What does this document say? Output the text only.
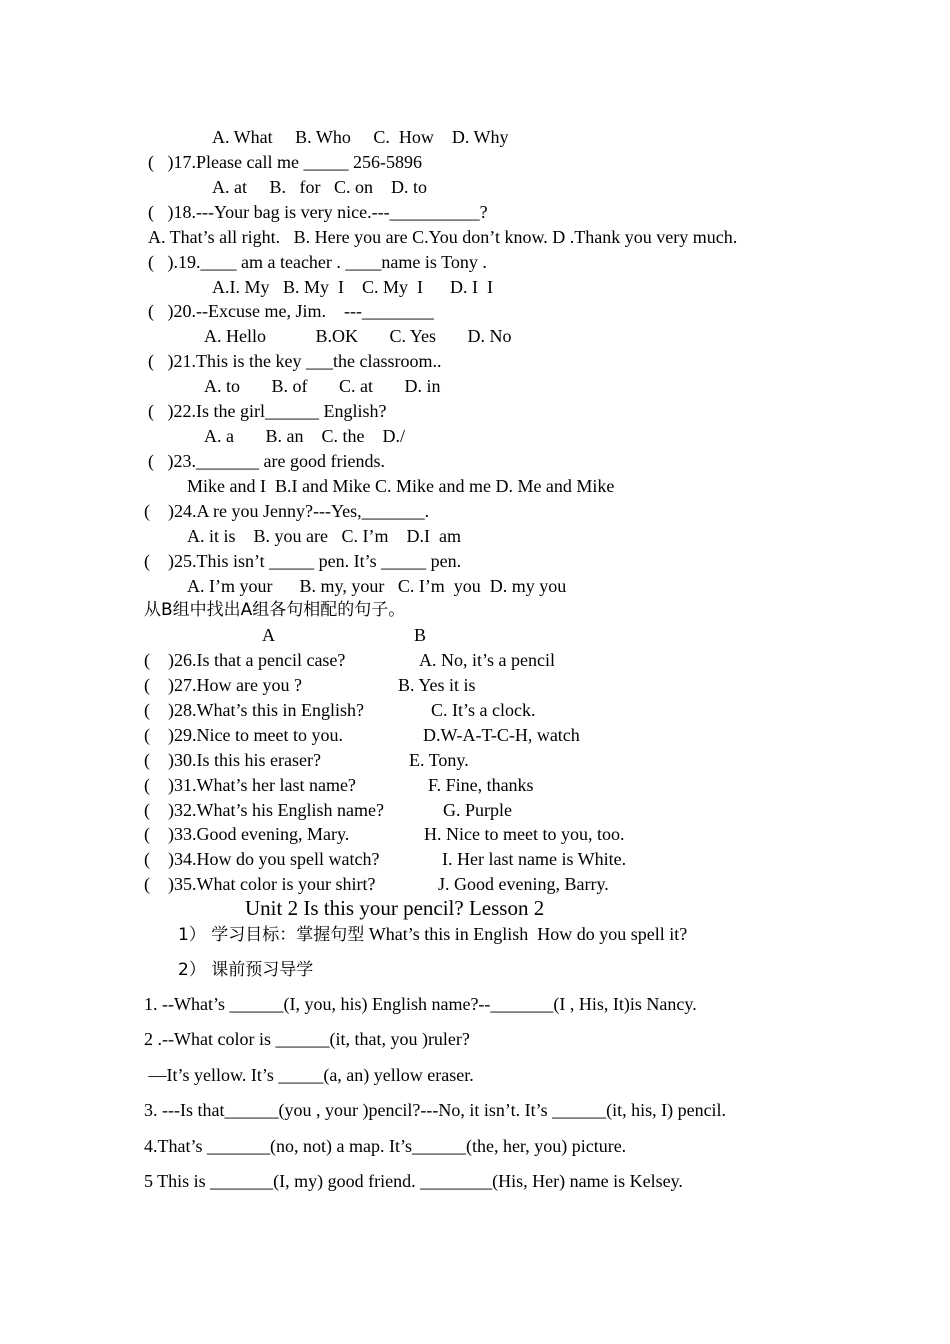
A. What     B. Who     C.  How    D. Why
(   )17.Please call me _____ 256-5896
A. at     B.   for   C. on    D. to
(   )18.---Your bag is very nice.---__________?
A. That’s all right.   B. Here you are C.You don’t know. D .Thank you very much.
(   ).19.____ am a teacher . ____name is Tony .
A.I. My   B. My  I    C. My  I      D. I  I
(   )20.--Excuse me, Jim.    ---________
A. Hello           B.OK       C. Yes       D. No
(   )21.This is the key ___the classroom..
A. to       B. of       C. at       D. in
(   )22.Is the girl______ English?
A. a       B. an    C. the    D./
(   )23._______ are good friends.
Mike and I  B.I and Mike C. Mike and me D. Me and Mike
(    )24.A re you Jenny?---Yes,_______.
A. it is    B. you are   C. I’m    D.I  am
(    )25.This isn’t _____ pen. It’s _____ pen.
A. I’m your      B. my, your   C. I’m  you  D. my you
从B组中找出A组各句相配的句子。
A	B
(    )26.Is that a pencil case?	A. No, it’s a pencil
(    )27.How are you ?	B. Yes it is
(    )28.What’s this in English?	C. It’s a clock.
(    )29.Nice to meet to you.	D.W-A-T-C-H, watch
(    )30.Is this his eraser?	E. Tony.
(    )31.What’s her last name?	F. Fine, thanks
(    )32.What’s his English name?	G. Purple
(    )33.Good evening, Mary.	H. Nice to meet to you, too.
(    )34.How do you spell watch?	I. Her last name is White.
(    )35.What color is your shirt?	J. Good evening, Barry.
Unit 2 Is this your pencil? Lesson 2
1） 学习目标：掌握句型 What’s this in English  How do you spell it?
2） 课前预习导学
1. --What’s ______(I, you, his) English name?--_______(I , His, It)is Nancy.
2 .--What color is ______(it, that, you )ruler?
—It’s yellow. It’s _____(a, an) yellow eraser.
3. ---Is that______(you , your )pencil?---No, it isn’t. It’s ______(it, his, I) pencil.
4.That’s _______(no, not) a map. It’s______(the, her, you) picture.
5 This is _______(I, my) good friend. ________(His, Her) name is Kelsey.
